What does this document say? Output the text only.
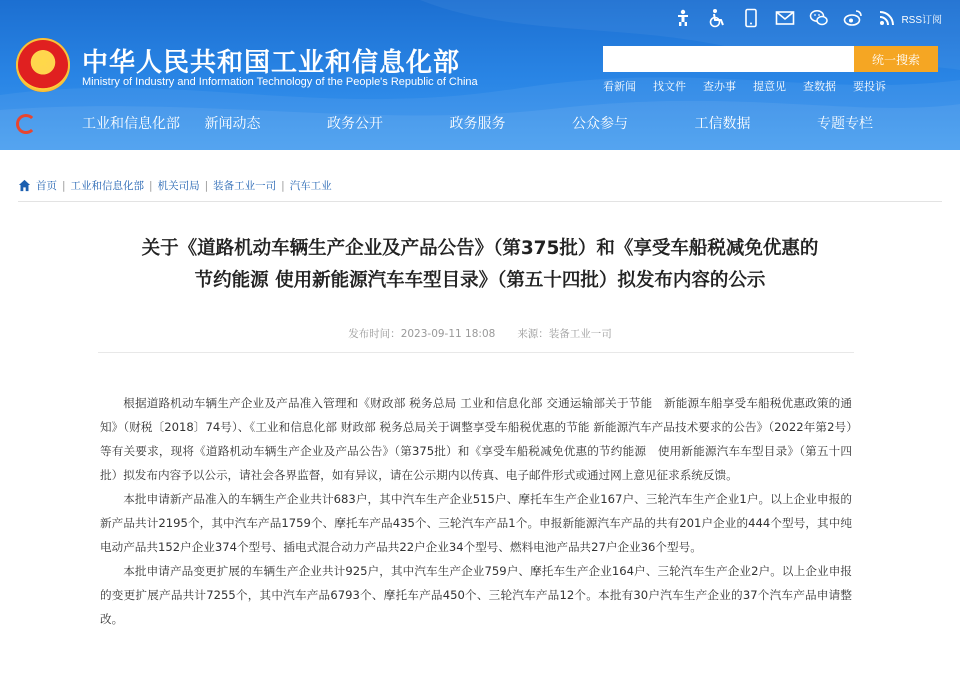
中华人民共和国工业和信息化部
Ministry of Industry and Information Technology of the People's Republic of China
RSS订阅
统一搜索
看新闻 找文件 查办事 提意见 查数据 要投诉
工业和信息化部	新闻动态	政务公开	政务服务	公众参与	工信数据	专题专栏
首页 | 工业和信息化部 | 机关司局 | 装备工业一司 | 汽车工业
关于《道路机动车辆生产企业及产品公告》（第375批）和《享受车船税减免优惠的
节约能源 使用新能源汽车车型目录》（第五十四批）拟发布内容的公示
发布时间：2023-09-11 18:08 来源：装备工业一司

根据道路机动车辆生产企业及产品准入管理和《财政部 税务总局 工业和信息化部 交通运输部关于节能　新能源车船享受车船税优惠政策的通知》（财税〔2018〕74号）、《工业和信息化部 财政部 税务总局关于调整享受车船税优惠的节能 新能源汽车产品技术要求的公告》（2022年第2号）等有关要求，现将《道路机动车辆生产企业及产品公告》（第375批）和《享受车船税减免优惠的节约能源　使用新能源汽车车型目录》（第五十四批）拟发布内容予以公示，请社会各界监督，如有异议，请在公示期内以传真、电子邮件形式或通过网上意见征求系统反馈。

本批申请新产品准入的车辆生产企业共计683户，其中汽车生产企业515户、摩托车生产企业167户、三轮汽车生产企业1户。以上企业申报的新产品共计2195个，其中汽车产品1759个、摩托车产品435个、三轮汽车产品1个。申报新能源汽车产品的共有201户企业的444个型号，其中纯电动产品共152户企业374个型号、插电式混合动力产品共22户企业34个型号、燃料电池产品共27户企业36个型号。

本批申请产品变更扩展的车辆生产企业共计925户，其中汽车生产企业759户、摩托车生产企业164户、三轮汽车生产企业2户。以上企业申报的变更扩展产品共计7255个，其中汽车产品6793个、摩托车产品450个、三轮汽车产品12个。本批有30户汽车生产企业的37个汽车产品申请整改。
